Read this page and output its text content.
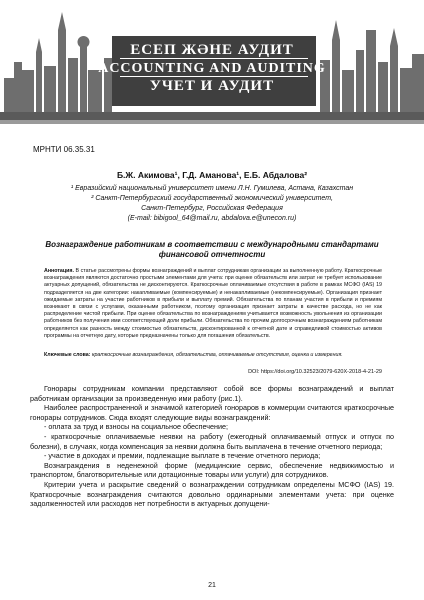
ЕСЕП ЖӘНЕ АУДИТ
ACCOUNTING AND AUDITING
УЧЕТ И АУДИТ
МРНТИ 06.35.31
Б.Ж. Акимова¹, Г.Д. Аманова¹, Е.Б. Абдалова²
¹ Евразийский национальный университет имени Л.Н. Гумилева, Астана, Казахстан
² Санкт-Петербургский государственный экономический университет,
Санкт-Петербург, Российская Федерация
(E-mail: bibigool_64@mail.ru, abdalova.e@unecon.ru)
Вознаграждение работникам в соответствии с международными стандартами
финансовой отчетности
Аннотация. В статье рассмотрены формы вознаграждений и выплат сотрудникам организации за выполненную работу. Краткосрочные вознаграждения являются достаточно простыми элементами для учета: при оценке обязательств или затрат не требует использование актуарных допущений, обязательства не дисконтируются. Краткосрочные оплачиваемые отсутствия в работе в рамках МСФО (IAS) 19 подразделяется на две категории: накапливаемые (компенсируемые) и ненакапливаемые (некомпенсируемые). Организация признает ожидаемые затраты на участие работников в прибыли и выплату премий. Обязательства по планам участия в прибыли и премиям возникают в связи с услугами, оказанными работником, поэтому организация признает затраты в качестве расхода, но не как распределение чистой прибыли. При оценке обязательства по вознаграждениям учитывается возможность увольнения из организации работников без получения ими соответствующей доли прибыли. Обязательства по прочим долгосрочным вознаграждениям работникам определяется как разность между стоимостью обязательств, дисконтированной к отчетной дате и справедливой стоимостью активов программы на отчетную дату, которые предназначены только для погашения обязательств.
Ключевые слова: краткосрочные вознаграждения, обязательства, оплачиваемые отсутствия, оценка и измерения.
DOI: https://doi.org/10.32523/2079-620X-2018-4-21-29

Гонорары сотрудникам компании представляют собой все формы вознаграждений и выплат работникам организации за произведенную ими работу (рис.1).

Наиболее распространенной и значимой категорией гонораров в коммерции считаются краткосрочные гонорары сотрудников. Сюда входят следующие виды вознаграждений:

- оплата за труд и взносы на социальное обеспечение;

- краткосрочные оплачиваемые неявки на работу (ежегодный оплачиваемый отпуск и отпуск по болезни), в случаях, когда компенсация за неявки должна быть выплачена в течение отчетного периода;

- участие в доходах и премии, подлежащие выплате в течение отчетного периода;

Вознаграждения в неденежной форме (медицинские сервис, обеспечение недвижимостью и транспортом, благотворительные или дотационные товары или услуги) для сотрудников.

Критерии учета и раскрытие сведений о вознаграждении сотрудникам определены МСФО (IAS) 19. Краткосрочные вознаграждения считаются довольно ординарными элементами учета: при оценке задолженностей или расходов нет потребности в актуарных допущени-

21
